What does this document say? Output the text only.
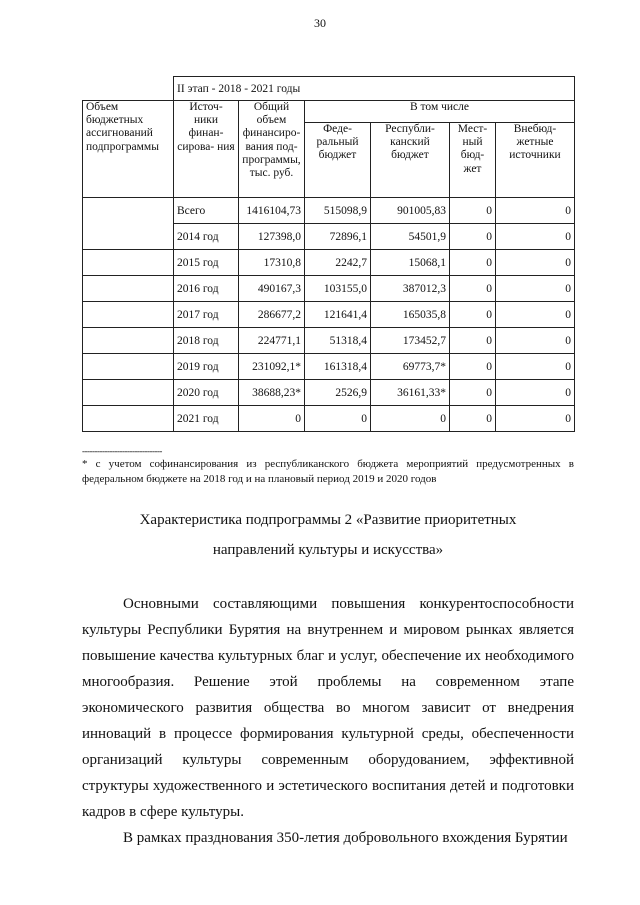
30
	II этап - 2018 - 2021 годы					
Объем бюджетных ассигнований подпрограммы	Источ- ники финан- сирова- ния	Общий объем финансиро- вания под- программы, тыс. руб.	В том числе			
			Феде- ральный бюджет	Республи- канский бюджет	Мест- ный бюд- жет	Внебюд- жетные источники
	Всего	1416104,73	515098,9	901005,83	0	0
	2014 год	127398,0	72896,1	54501,9	0	0
	2015 год	17310,8	2242,7	15068,1	0	0
	2016 год	490167,3	103155,0	387012,3	0	0
	2017 год	286677,2	121641,4	165035,8	0	0
	2018 год	224771,1	51318,4	173452,7	0	0
	2019 год	231092,1*	161318,4	69773,7*	0	0
	2020 год	38688,23*	2526,9	36161,33*	0	0
	2021 год	0	0	0	0	0
--------------------------------
* с учетом софинансирования из республиканского бюджета мероприятий предусмотренных в федеральном бюджете на 2018 год и на плановый период 2019 и 2020 годов
Характеристика подпрограммы 2 «Развитие приоритетных
направлений культуры и искусства»
Основными составляющими повышения конкурентоспособности культуры Республики Бурятия на внутреннем и мировом рынках является повышение качества культурных благ и услуг, обеспечение их необходимого многообразия. Решение этой проблемы на современном этапе экономического развития общества во многом зависит от внедрения инноваций в процессе формирования культурной среды, обеспеченности организаций культуры современным оборудованием, эффективной структуры художественного и эстетического воспитания детей и подготовки кадров в сфере культуры.
В рамках празднования 350-летия добровольного вхождения Бурятии
